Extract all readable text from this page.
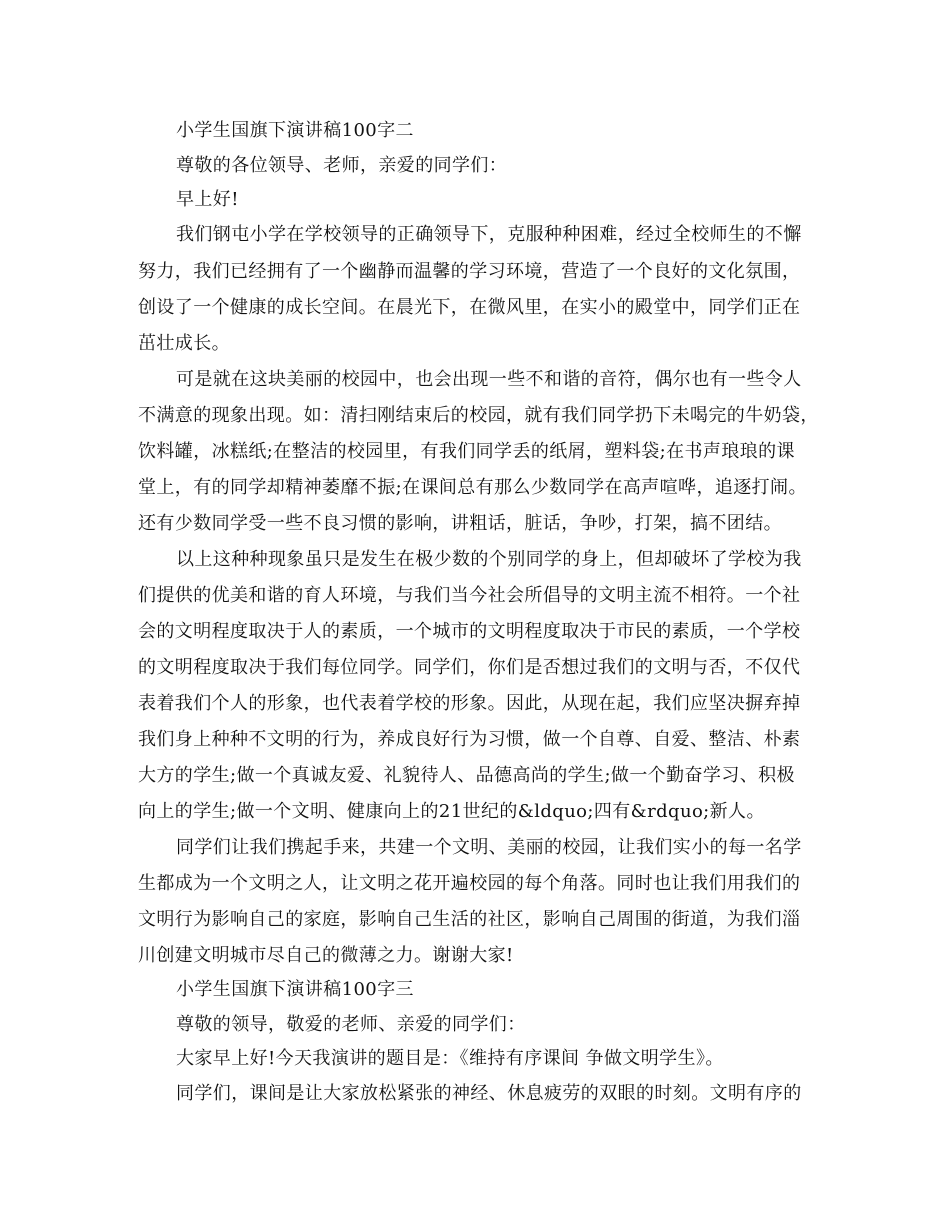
小学生国旗下演讲稿100字二
尊敬的各位领导、老师，亲爱的同学们：
早上好!
我们钢屯小学在学校领导的正确领导下，克服种种困难，经过全校师生的不懈
努力，我们已经拥有了一个幽静而温馨的学习环境，营造了一个良好的文化氛围，
创设了一个健康的成长空间。在晨光下，在微风里，在实小的殿堂中，同学们正在
茁壮成长。
可是就在这块美丽的校园中，也会出现一些不和谐的音符，偶尔也有一些令人
不满意的现象出现。如：清扫刚结束后的校园，就有我们同学扔下未喝完的牛奶袋，
饮料罐，冰糕纸;在整洁的校园里，有我们同学丢的纸屑，塑料袋;在书声琅琅的课
堂上，有的同学却精神萎靡不振;在课间总有那么少数同学在高声喧哗，追逐打闹。
还有少数同学受一些不良习惯的影响，讲粗话，脏话，争吵，打架，搞不团结。
以上这种种现象虽只是发生在极少数的个别同学的身上，但却破坏了学校为我
们提供的优美和谐的育人环境，与我们当今社会所倡导的文明主流不相符。一个社
会的文明程度取决于人的素质，一个城市的文明程度取决于市民的素质，一个学校
的文明程度取决于我们每位同学。同学们，你们是否想过我们的文明与否，不仅代
表着我们个人的形象，也代表着学校的形象。因此，从现在起，我们应坚决摒弃掉
我们身上种种不文明的行为，养成良好行为习惯，做一个自尊、自爱、整洁、朴素
大方的学生;做一个真诚友爱、礼貌待人、品德高尚的学生;做一个勤奋学习、积极
向上的学生;做一个文明、健康向上的21世纪的&ldquo;四有&rdquo;新人。
同学们让我们携起手来，共建一个文明、美丽的校园，让我们实小的每一名学
生都成为一个文明之人，让文明之花开遍校园的每个角落。同时也让我们用我们的
文明行为影响自己的家庭，影响自己生活的社区，影响自己周围的街道，为我们淄
川创建文明城市尽自己的微薄之力。谢谢大家!
小学生国旗下演讲稿100字三
尊敬的领导，敬爱的老师、亲爱的同学们：
大家早上好!今天我演讲的题目是：《维持有序课间 争做文明学生》。
同学们，课间是让大家放松紧张的神经、休息疲劳的双眼的时刻。文明有序的
